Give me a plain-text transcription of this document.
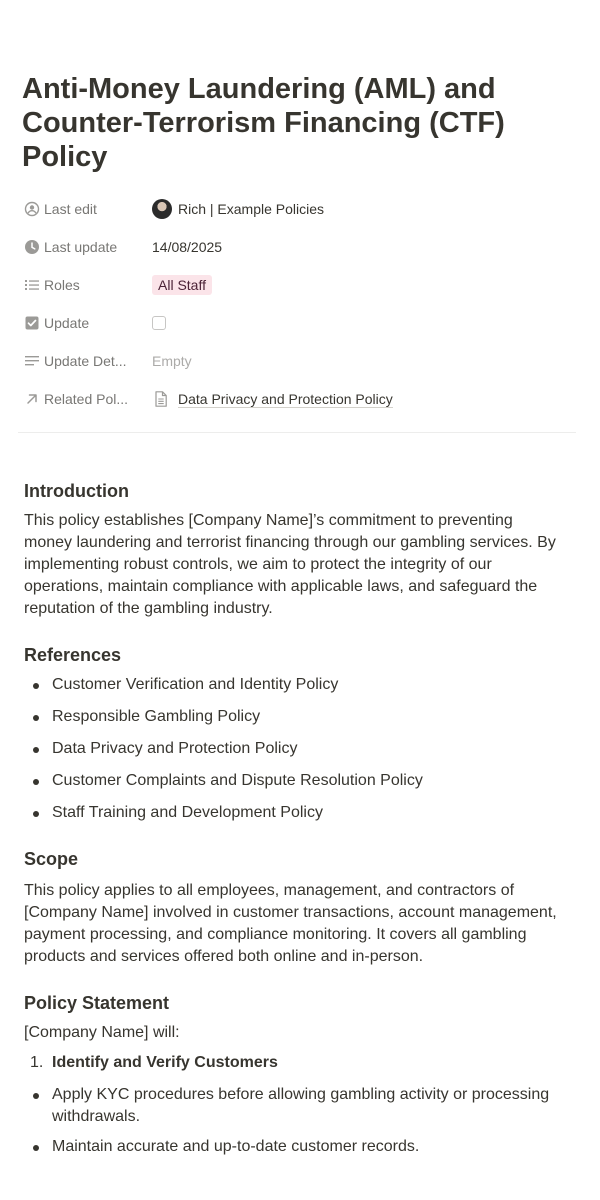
Anti-Money Laundering (AML) and Counter-Terrorism Financing (CTF) Policy
Last edit	Rich | Example Policies
Last update 14/08/2025
Roles	All Staff
Update
Update Det... Empty
Related Pol...	Data Privacy and Protection Policy
Introduction

This policy establishes [Company Name]’s commitment to preventing money laundering and terrorist financing through our gambling services. By implementing robust controls, we aim to protect the integrity of our operations, maintain compliance with applicable laws, and safeguard the reputation of the gambling industry.

References
Customer Verification and Identity Policy
Responsible Gambling Policy
Data Privacy and Protection Policy
Customer Complaints and Dispute Resolution Policy
Staff Training and Development Policy
Scope

This policy applies to all employees, management, and contractors of [Company Name] involved in customer transactions, account management, payment processing, and compliance monitoring. It covers all gambling products and services offered both online and in-person.

Policy Statement

[Company Name] will:

1. Identify and Verify Customers
Apply KYC procedures before allowing gambling activity or processing withdrawals.
Maintain accurate and up-to-date customer records.
